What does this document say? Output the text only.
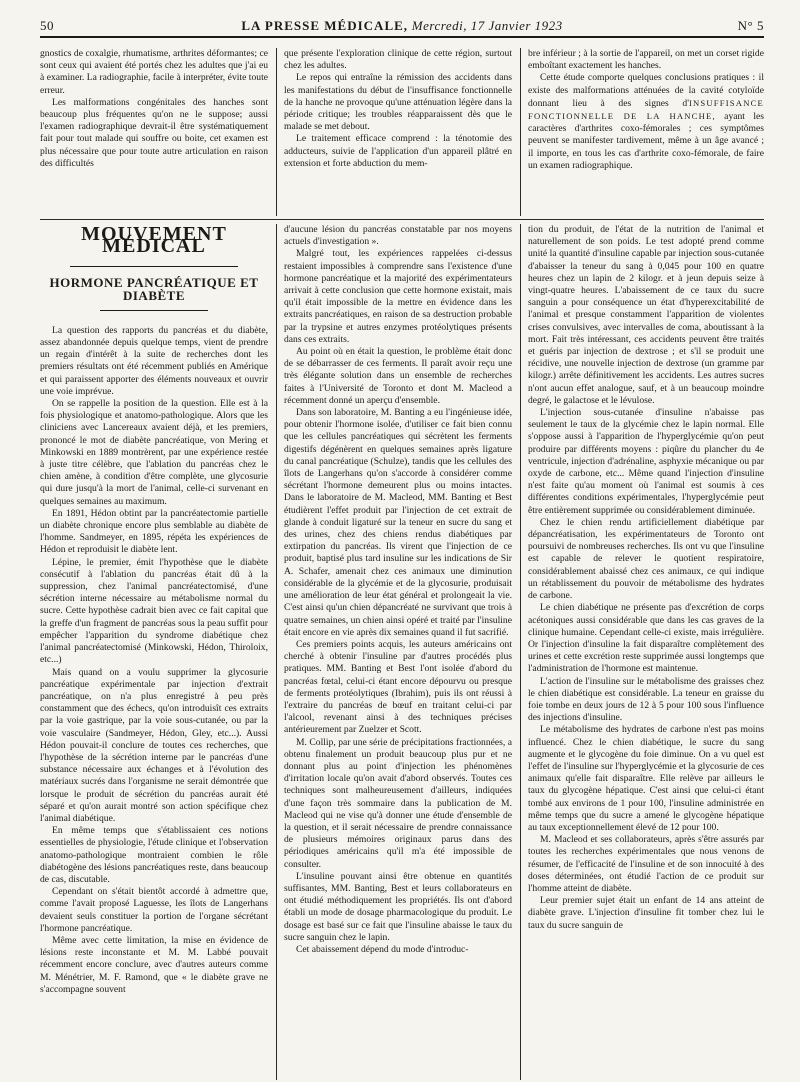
50	LA PRESSE MÉDICALE, Mercredi, 17 Janvier 1923	N° 5

gnostics de coxalgie, rhumatisme, arthrites déformantes; ce sont ceux qui avaient été portés chez les adultes que j'ai eu à examiner. La radiographie, facile à interpréter, évite toute erreur.

Les malformations congénitales des hanches sont beaucoup plus fréquentes qu'on ne le suppose; aussi l'examen radiographique devrait-il être systématiquement fait pour tout malade qui souffre ou boite, cet examen est plus nécessaire que pour toute autre articulation en raison des difficultés

que présente l'exploration clinique de cette région, surtout chez les adultes.

Le repos qui entraîne la rémission des accidents dans les manifestations du début de l'insuffisance fonctionnelle de la hanche ne provoque qu'une atténuation légère dans la période critique; les troubles réapparaissent dès que le malade se met debout.

Le traitement efficace comprend : la ténotomie des adducteurs, suivie de l'application d'un appareil plâtré en extension et forte abduction du mem-

bre inférieur ; à la sortie de l'appareil, on met un corset rigide emboîtant exactement les hanches.

Cette étude comporte quelques conclusions pratiques : il existe des malformations atténuées de la cavité cotyloïde donnant lieu à des signes d'INSUFFISANCE FONCTIONNELLE DE LA HANCHE, ayant les caractères d'arthrites coxo-fémorales ; ces symptômes peuvent se manifester tardivement, même à un âge avancé ; il importe, en tous les cas d'arthrite coxo-fémorale, de faire un examen radiographique.

MOUVEMENT MÉDICAL
HORMONE PANCRÉATIQUE ET DIABÈTE

La question des rapports du pancréas et du diabète, assez abandonnée depuis quelque temps, vient de prendre un regain d'intérêt à la suite de recherches dont les premiers résultats ont été récemment publiés en Amérique et qui paraissent apporter des éléments nouveaux et ouvrir une voie imprévue.

On se rappelle la position de la question. Elle est à la fois physiologique et anatomo-pathologique. Alors que les cliniciens avec Lancereaux avaient déjà, et les premiers, prononcé le mot de diabète pancréatique, von Mering et Minkowski en 1889 montrèrent, par une expérience restée à juste titre célèbre, que l'ablation du pancréas chez le chien amène, à condition d'être complète, une glycosurie qui dure jusqu'à la mort de l'animal, celle-ci survenant en quelques semaines au maximum.

En 1891, Hédon obtint par la pancréatectomie partielle un diabète chronique encore plus semblable au diabète de l'homme. Sandmeyer, en 1895, répéta les expériences de Hédon et reproduisit le diabète lent.

Lépine, le premier, émit l'hypothèse que le diabète consécutif à l'ablation du pancréas était dû à la suppression, chez l'animal pancréatectomisé, d'une sécrétion interne nécessaire au métabolisme normal du sucre. Cette hypothèse cadrait bien avec ce fait capital que la greffe d'un fragment de pancréas sous la peau suffit pour empêcher l'apparition du syndrome diabétique chez l'animal pancréatectomisé (Minkowski, Hédon, Thiroloix, etc...)

Mais quand on a voulu supprimer la glycosurie pancréatique expérimentale par injection d'extrait pancréatique, on n'a plus enregistré à peu près constamment que des échecs, qu'on introduisît ces extraits par la voie gastrique, par la voie sous-cutanée, ou par la voie vasculaire (Sandmeyer, Hédon, Gley, etc...). Aussi Hédon pouvait-il conclure de toutes ces recherches, que l'hypothèse de la sécrétion interne par le pancréas d'une substance nécessaire aux échanges et à l'évolution des matériaux sucrés dans l'organisme ne serait démontrée que lorsque le produit de sécrétion du pancréas aurait été séparé et qu'on aurait montré son action spécifique chez l'animal diabétique.

En même temps que s'établissaient ces notions essentielles de physiologie, l'étude clinique et l'observation anatomo-pathologique montraient combien le rôle diabétogène des lésions pancréatiques reste, dans beaucoup de cas, discutable.

Cependant on s'était bientôt accordé à admettre que, comme l'avait proposé Laguesse, les îlots de Langerhans devaient seuls constituer la portion de l'organe sécrétant l'hormone pancréatique.

Même avec cette limitation, la mise en évidence de lésions reste inconstante et M. M. Labbé pouvait récemment encore conclure, avec d'autres auteurs comme M. Ménétrier, M. F. Ramond, que « le diabète grave ne s'accompagne souvent

d'aucune lésion du pancréas constatable par nos moyens actuels d'investigation ».

Malgré tout, les expériences rappelées ci-dessus restaient impossibles à comprendre sans l'existence d'une hormone pancréatique et la majorité des expérimentateurs arrivait à cette conclusion que cette hormone existait, mais qu'il était impossible de la mettre en évidence dans les extraits pancréatiques, en raison de sa destruction probable par la trypsine et autres enzymes protéolytiques présents dans ces extraits.

Au point où en était la question, le problème était donc de se débarrasser de ces ferments. Il paraît avoir reçu une très élégante solution dans un ensemble de recherches faites à l'Université de Toronto et dont M. Macleod a récemment donné un aperçu d'ensemble.

Dans son laboratoire, M. Banting a eu l'ingénieuse idée, pour obtenir l'hormone isolée, d'utiliser ce fait bien connu que les cellules pancréatiques qui sécrètent les ferments digestifs dégénèrent en quelques semaines après ligature du canal pancréatique (Schulze), tandis que les cellules des îlots de Langerhans qu'on s'accorde à considérer comme sécrétant l'hormone demeurent plus ou moins intactes. Dans le laboratoire de M. Macleod, MM. Banting et Best étudièrent l'effet produit par l'injection de cet extrait de glande à conduit ligaturé sur la teneur en sucre du sang et des urines, chez des chiens rendus diabétiques par extirpation du pancréas. Ils virent que l'injection de ce produit, baptisé plus tard insuline sur les indications de Sir A. Schafer, amenait chez ces animaux une diminution considérable de la glycémie et de la glycosurie, produisait une amélioration de leur état général et prolongeait la vie. C'est ainsi qu'un chien dépancréaté ne survivant que trois à quatre semaines, un chien ainsi opéré et traité par l'insuline était encore en vie après dix semaines quand il fut sacrifié.

Ces premiers points acquis, les auteurs américains ont cherché à obtenir l'insuline par d'autres procédés plus pratiques. MM. Banting et Best l'ont isolée d'abord du pancréas fœtal, celui-ci étant encore dépourvu ou presque de ferments protéolytiques (Ibrahim), puis ils ont réussi à l'extraire du pancréas de bœuf en traitant celui-ci par l'alcool, revenant ainsi à des techniques précises antérieurement par Zuelzer et Scott.

M. Collip, par une série de précipitations fractionnées, a obtenu finalement un produit beaucoup plus pur et ne donnant plus au point d'injection les phénomènes d'irritation locale qu'on avait d'abord observés. Toutes ces techniques sont malheureusement d'ailleurs, indiquées d'une façon très sommaire dans la publication de M. Macleod qui ne vise qu'à donner une étude d'ensemble de la question, et il serait nécessaire de prendre connaissance de plusieurs mémoires originaux parus dans des périodiques américains qu'il m'a été impossible de consulter.

L'insuline pouvant ainsi être obtenue en quantités suffisantes, MM. Banting, Best et leurs collaborateurs en ont étudié méthodiquement les propriétés. Ils ont d'abord établi un mode de dosage pharmacologique du produit. Le dosage est basé sur ce fait que l'insuline abaisse le taux du sucre sanguin chez le lapin.

Cet abaissement dépend du mode d'introduc-

tion du produit, de l'état de la nutrition de l'animal et naturellement de son poids. Le test adopté prend comme unité la quantité d'insuline capable par injection sous-cutanée d'abaisser la teneur du sang à 0,045 pour 100 en quatre heures chez un lapin de 2 kilogr. et à jeun depuis seize à vingt-quatre heures. L'abaissement de ce taux du sucre sanguin a pour conséquence un état d'hyperexcitabilité de l'animal et presque constamment l'apparition de violentes crises convulsives, avec intervalles de coma, aboutissant à la mort. Fait très intéressant, ces accidents peuvent être traités et guéris par injection de dextrose ; et s'il se produit une récidive, une nouvelle injection de dextrose (un gramme par kilogr.) arrête définitivement les accidents. Les autres sucres n'ont aucun effet analogue, sauf, et à un beaucoup moindre degré, le galactose et le lévulose.

L'injection sous-cutanée d'insuline n'abaisse pas seulement le taux de la glycémie chez le lapin normal. Elle s'oppose aussi à l'apparition de l'hyperglycémie qu'on peut produire par différents moyens : piqûre du plancher du 4e ventricule, injection d'adrénaline, asphyxie mécanique ou par oxyde de carbone, etc... Même quand l'injection d'insuline n'est faite qu'au moment où l'animal est soumis à ces différentes conditions expérimentales, l'hyperglycémie peut être entièrement supprimée ou considérablement diminuée.

Chez le chien rendu artificiellement diabétique par dépancréatisation, les expérimentateurs de Toronto ont poursuivi de nombreuses recherches. Ils ont vu que l'insuline est capable de relever le quotient respiratoire, considérablement abaissé chez ces animaux, ce qui indique un rétablissement du pouvoir de métabolisme des hydrates de carbone.

Le chien diabétique ne présente pas d'excrétion de corps acétoniques aussi considérable que dans les cas graves de la clinique humaine. Cependant celle-ci existe, mais irrégulière. Or l'injection d'insuline la fait disparaître complètement des urines et cette excrétion reste supprimée aussi longtemps que l'administration de l'hormone est maintenue.

L'action de l'insuline sur le métabolisme des graisses chez le chien diabétique est considérable. La teneur en graisse du foie tombe en deux jours de 12 à 5 pour 100 sous l'influence des injections d'insuline.

Le métabolisme des hydrates de carbone n'est pas moins influencé. Chez le chien diabétique, le sucre du sang augmente et le glycogène du foie diminue. On a vu quel est l'effet de l'insuline sur l'hyperglycémie et la glycosurie de ces animaux qu'elle fait disparaître. Elle relève par ailleurs le taux du glycogène hépatique. C'est ainsi que celui-ci étant tombé aux environs de 1 pour 100, l'insuline administrée en même temps que du sucre a amené le glycogène hépatique au taux exceptionnellement élevé de 12 pour 100.

M. Macleod et ses collaborateurs, après s'être assurés par toutes les recherches expérimentales que nous venons de résumer, de l'efficacité de l'insuline et de son innocuité à des doses déterminées, ont étudié l'action de ce produit sur l'homme atteint de diabète.

Leur premier sujet était un enfant de 14 ans atteint de diabète grave. L'injection d'insuline fit tomber chez lui le taux du sucre sanguin de
